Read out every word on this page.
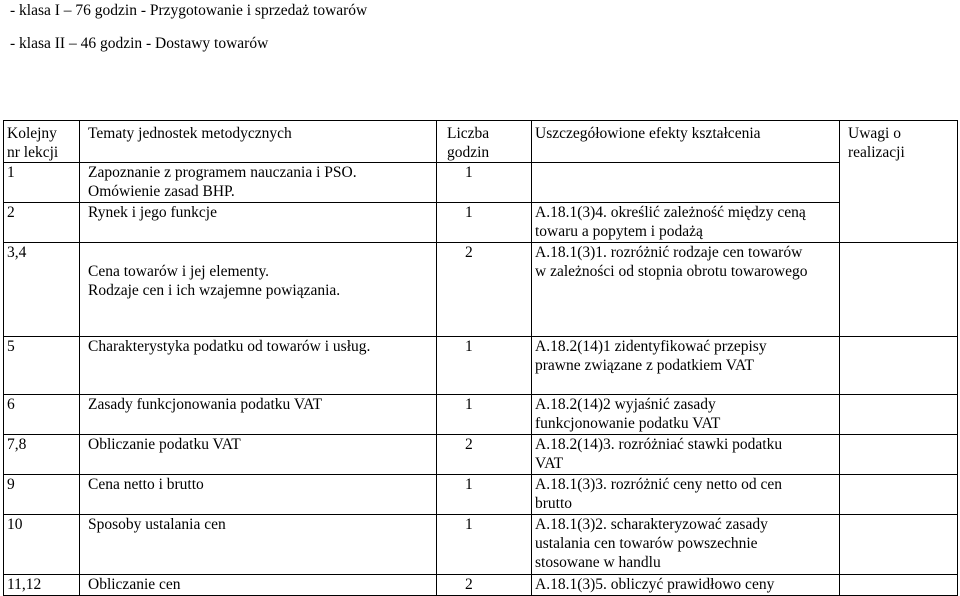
- klasa I – 76 godzin - Przygotowanie i sprzedaż towarów
- klasa II – 46 godzin - Dostawy towarów
Kolejny
nr lekcji	Tematy jednostek metodycznych	Liczba
godzin	Uszczegółowione efekty kształcenia	Uwagi o
realizacji
1	Zapoznanie z programem nauczania i PSO.
Omówienie zasad BHP.	1		
2	Rynek i jego funkcje	1	A.18.1(3)4. określić zależność między ceną
towaru a popytem i podażą	
3,4	Cena towarów i jej elementy.
Rodzaje cen i ich wzajemne powiązania.	2	A.18.1(3)1. rozróżnić rodzaje cen towarów
w zależności od stopnia obrotu towarowego	
5	Charakterystyka podatku od towarów i usług.	1	A.18.2(14)1 zidentyfikować przepisy
prawne związane z podatkiem VAT	
6	Zasady funkcjonowania podatku VAT	1	A.18.2(14)2 wyjaśnić zasady
funkcjonowanie podatku VAT	
7,8	Obliczanie podatku VAT	2	A.18.2(14)3. rozróżniać stawki podatku
VAT	
9	Cena netto i brutto	1	A.18.1(3)3. rozróżnić ceny netto od cen
brutto	
10	Sposoby ustalania cen	1	A.18.1(3)2. scharakteryzować zasady
ustalania cen towarów powszechnie
stosowane w handlu	
11,12	Obliczanie cen	2	A.18.1(3)5. obliczyć prawidłowo ceny	
